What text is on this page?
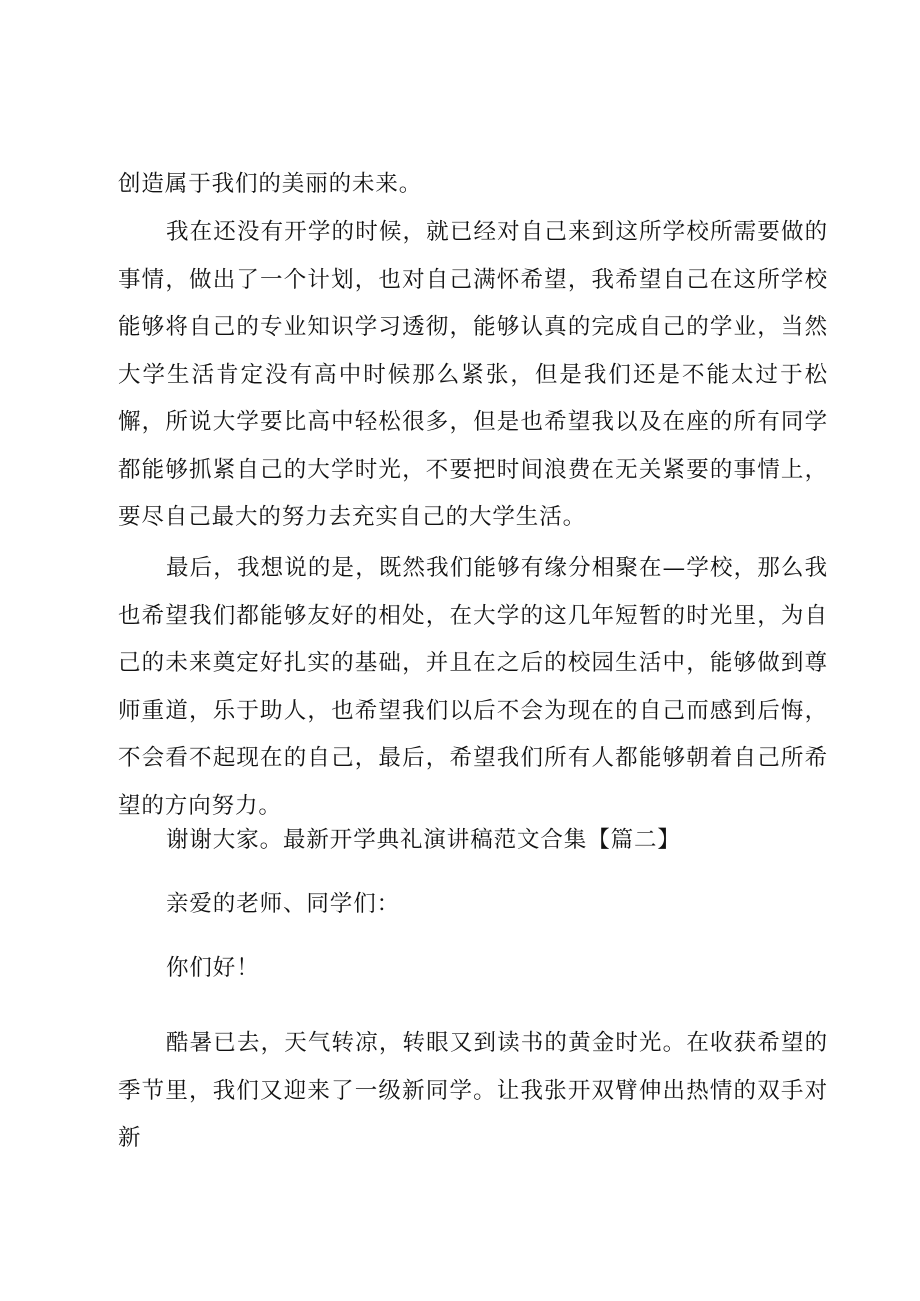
创造属于我们的美丽的未来。

我在还没有开学的时候，就已经对自己来到这所学校所需要做的事情，做出了一个计划，也对自己满怀希望，我希望自己在这所学校能够将自己的专业知识学习透彻，能够认真的完成自己的学业，当然大学生活肯定没有高中时候那么紧张，但是我们还是不能太过于松懈，所说大学要比高中轻松很多，但是也希望我以及在座的所有同学都能够抓紧自己的大学时光，不要把时间浪费在无关紧要的事情上，要尽自己最大的努力去充实自己的大学生活。

最后，我想说的是，既然我们能够有缘分相聚在—学校，那么我也希望我们都能够友好的相处，在大学的这几年短暂的时光里，为自己的未来奠定好扎实的基础，并且在之后的校园生活中，能够做到尊师重道，乐于助人，也希望我们以后不会为现在的自己而感到后悔，不会看不起现在的自己，最后，希望我们所有人都能够朝着自己所希望的方向努力。

谢谢大家。最新开学典礼演讲稿范文合集【篇二】

亲爱的老师、同学们：

你们好！

酷暑已去，天气转凉，转眼又到读书的黄金时光。在收获希望的季节里，我们又迎来了一级新同学。让我张开双臂伸出热情的双手对新
